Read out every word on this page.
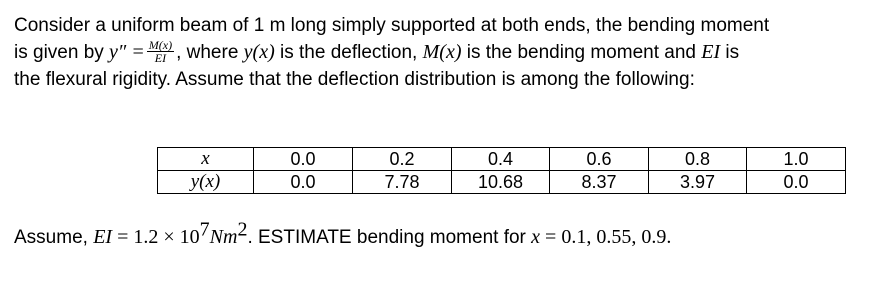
Consider a uniform beam of 1 m long simply supported at both ends, the bending moment
is given by $y'' = \frac{M(x)}{EI}$ , where y(x) is the deflection, M(x) is the bending moment and EI is
the flexural rigidity. Assume that the deflection distribution is among the following:
x	0.0	0.2	0.4	0.6	0.8	1.0
y(x)	0.0	7.78	10.68	8.37	3.97	0.0
Assume, EI = $1.2 \times 10^7Nm^2$. ESTIMATE bending moment for x = 0.1, 0.55, 0.9.
